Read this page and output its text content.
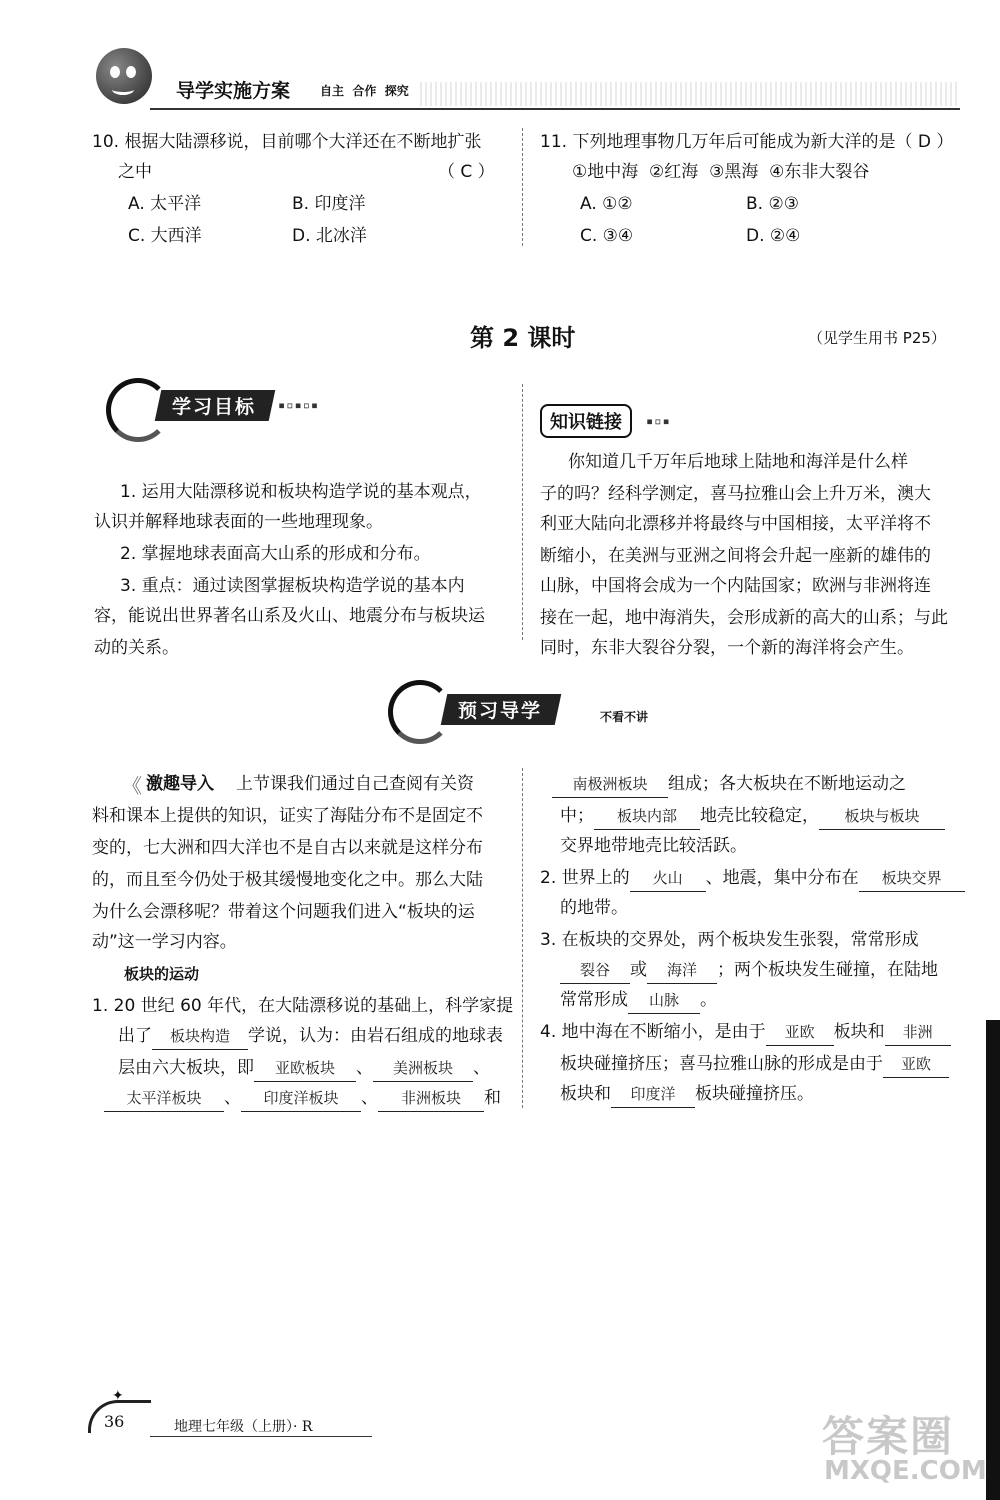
导学实施方案 自主  合作  探究
10. 根据大陆漂移说，目前哪个大洋还在不断地扩张
之中	（ C ）
A. 太平洋	B. 印度洋
C. 大西洋	D. 北冰洋
11. 下列地理事物几万年后可能成为新大洋的是（ D ）
①地中海  ②红海  ③黑海  ④东非大裂谷
A. ①②	B. ②③
C. ③④	D. ②④
第 2 课时	（见学生用书 P25）
学习目标	▪▫▪▫▪
1. 运用大陆漂移说和板块构造学说的基本观点，
认识并解释地球表面的一些地理现象。
2. 掌握地球表面高大山系的形成和分布。
3. 重点：通过读图掌握板块构造学说的基本内
容，能说出世界著名山系及火山、地震分布与板块运
动的关系。
知识链接	▪▫▪
你知道几千万年后地球上陆地和海洋是什么样
子的吗？经科学测定，喜马拉雅山会上升万米，澳大
利亚大陆向北漂移并将最终与中国相接，太平洋将不
断缩小，在美洲与亚洲之间将会升起一座新的雄伟的
山脉，中国将会成为一个内陆国家；欧洲与非洲将连
接在一起，地中海消失，会形成新的高大的山系；与此
同时，东非大裂谷分裂，一个新的海洋将会产生。
预习导学	不看不讲
《 激趣导入 上节课我们通过自己查阅有关资
料和课本上提供的知识，证实了海陆分布不是固定不
变的，七大洲和四大洋也不是自古以来就是这样分布
的，而且至今仍处于极其缓慢地变化之中。那么大陆
为什么会漂移呢？带着这个问题我们进入“板块的运
动”这一学习内容。
板块的运动
1. 20 世纪 60 年代，在大陆漂移说的基础上，科学家提
出了 板块构造 学说，认为：由岩石组成的地球表
层由六大板块，即 亚欧板块 、 美洲板块 、
太平洋板块 、 印度洋板块 、 非洲板块 和
南极洲板块 组成；各大板块在不断地运动之
中； 板块内部 地壳比较稳定， 板块与板块
交界地带地壳比较活跃。
2. 世界上的 火山 、地震，集中分布在 板块交界
的地带。
3. 在板块的交界处，两个板块发生张裂，常常形成
裂谷 或 海洋 ；两个板块发生碰撞，在陆地
常常形成 山脉 。
4. 地中海在不断缩小，是由于 亚欧 板块和 非洲
板块碰撞挤压；喜马拉雅山脉的形成是由于 亚欧
板块和 印度洋 板块碰撞挤压。
✦
36	地理七年级（上册）· R	答案圈
MXQE.COM
